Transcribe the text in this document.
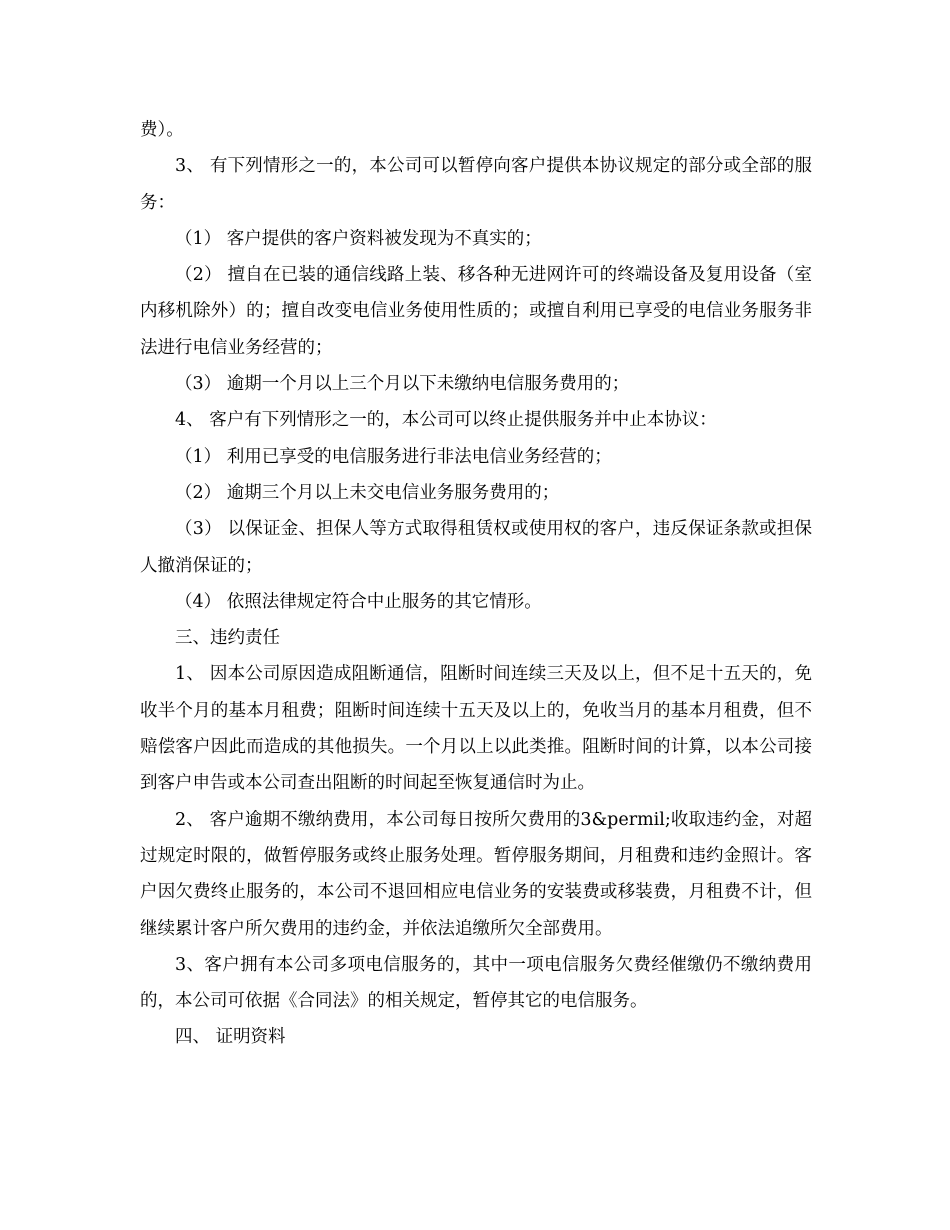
费）。

3、 有下列情形之一的，本公司可以暂停向客户提供本协议规定的部分或全部的服务：

（1） 客户提供的客户资料被发现为不真实的；

（2） 擅自在已装的通信线路上装、移各种无进网许可的终端设备及复用设备（室内移机除外）的；擅自改变电信业务使用性质的；或擅自利用已享受的电信业务服务非法进行电信业务经营的；

（3） 逾期一个月以上三个月以下未缴纳电信服务费用的；

4、 客户有下列情形之一的，本公司可以终止提供服务并中止本协议：

（1） 利用已享受的电信服务进行非法电信业务经营的；

（2） 逾期三个月以上未交电信业务服务费用的；

（3） 以保证金、担保人等方式取得租赁权或使用权的客户，违反保证条款或担保人撤消保证的；

（4） 依照法律规定符合中止服务的其它情形。

三、违约责任

1、 因本公司原因造成阻断通信，阻断时间连续三天及以上，但不足十五天的，免收半个月的基本月租费；阻断时间连续十五天及以上的，免收当月的基本月租费，但不赔偿客户因此而造成的其他损失。一个月以上以此类推。阻断时间的计算，以本公司接到客户申告或本公司查出阻断的时间起至恢复通信时为止。

2、 客户逾期不缴纳费用，本公司每日按所欠费用的3&permil;收取违约金，对超过规定时限的，做暂停服务或终止服务处理。暂停服务期间，月租费和违约金照计。客户因欠费终止服务的，本公司不退回相应电信业务的安装费或移装费，月租费不计，但继续累计客户所欠费用的违约金，并依法追缴所欠全部费用。

3、客户拥有本公司多项电信服务的，其中一项电信服务欠费经催缴仍不缴纳费用的，本公司可依据《合同法》的相关规定，暂停其它的电信服务。

四、 证明资料
